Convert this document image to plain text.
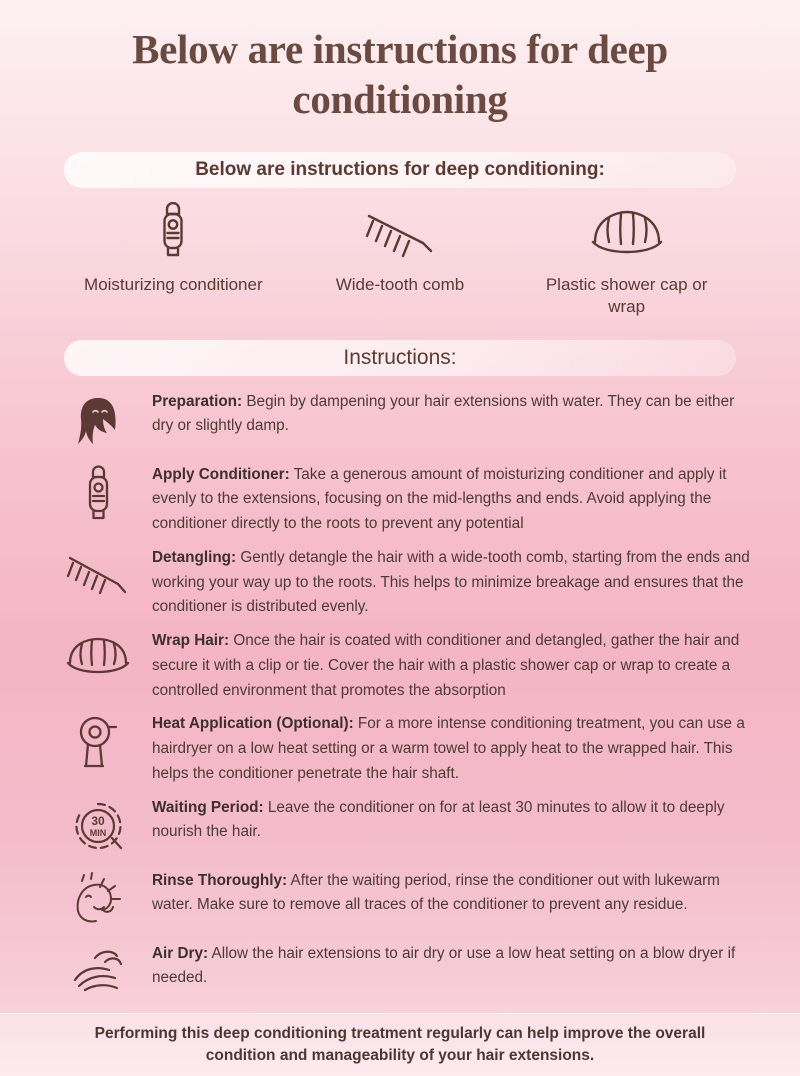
Below are instructions for deep conditioning
Below are instructions for deep conditioning:
Moisturizing conditioner	Wide-tooth comb	Plastic shower cap or wrap
Instructions:
Preparation: Begin by dampening your hair extensions with water. They can be either dry or slightly damp.
Apply Conditioner: Take a generous amount of moisturizing conditioner and apply it evenly to the extensions, focusing on the mid-lengths and ends. Avoid applying the conditioner directly to the roots to prevent any potential
Detangling: Gently detangle the hair with a wide-tooth comb, starting from the ends and working your way up to the roots. This helps to minimize breakage and ensures that the conditioner is distributed evenly.
Wrap Hair: Once the hair is coated with conditioner and detangled, gather the hair and secure it with a clip or tie. Cover the hair with a plastic shower cap or wrap to create a controlled environment that promotes the absorption
Heat Application (Optional): For a more intense conditioning treatment, you can use a hairdryer on a low heat setting or a warm towel to apply heat to the wrapped hair. This helps the conditioner penetrate the hair shaft.
30
MIN
Waiting Period: Leave the conditioner on for at least 30 minutes to allow it to deeply nourish the hair.
Rinse Thoroughly: After the waiting period, rinse the conditioner out with lukewarm water. Make sure to remove all traces of the conditioner to prevent any residue.
Air Dry: Allow the hair extensions to air dry or use a low heat setting on a blow dryer if needed.
Performing this deep conditioning treatment regularly can help improve the overall condition and manageability of your hair extensions.
